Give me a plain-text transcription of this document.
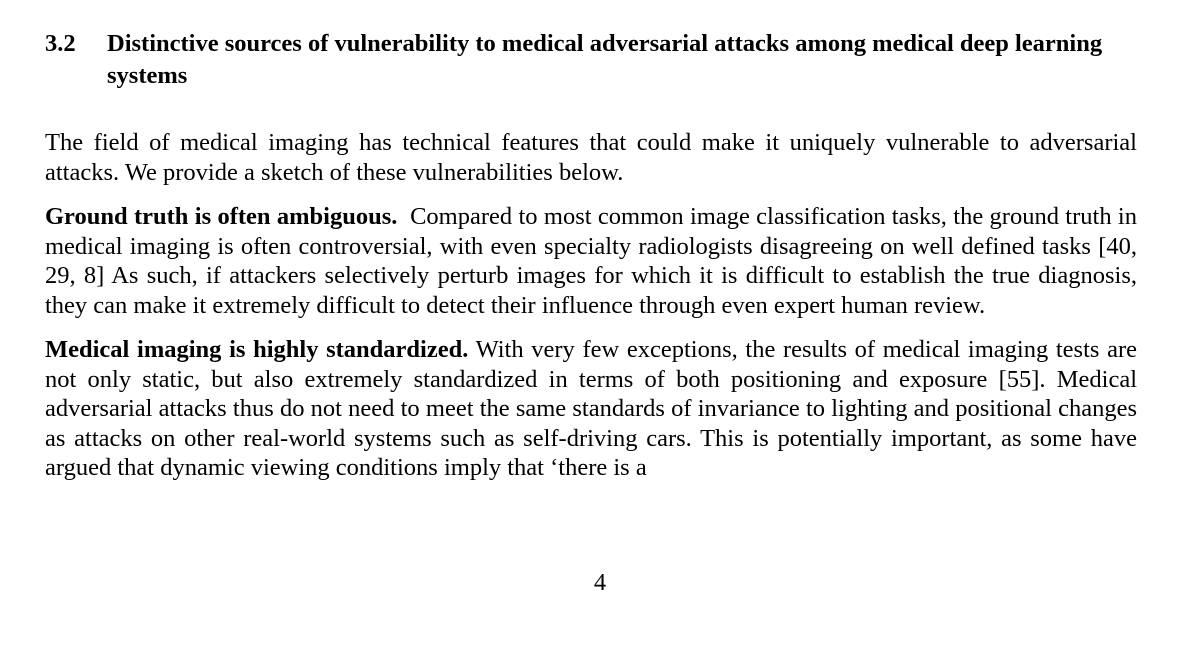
3.2	Distinctive sources of vulnerability to medical adversarial attacks among medical deep learning systems

The field of medical imaging has technical features that could make it uniquely vulnerable to adversarial attacks. We provide a sketch of these vulnerabilities below.

Ground truth is often ambiguous. Compared to most common image classification tasks, the ground truth in medical imaging is often controversial, with even specialty radiologists disagreeing on well defined tasks [40, 29, 8] As such, if attackers selectively perturb images for which it is difficult to establish the true diagnosis, they can make it extremely difficult to detect their influence through even expert human review.

Medical imaging is highly standardized. With very few exceptions, the results of medical imaging tests are not only static, but also extremely standardized in terms of both positioning and exposure [55]. Medical adversarial attacks thus do not need to meet the same standards of invariance to lighting and positional changes as attacks on other real-world systems such as self-driving cars. This is potentially important, as some have argued that dynamic viewing conditions imply that ‘there is a

4
